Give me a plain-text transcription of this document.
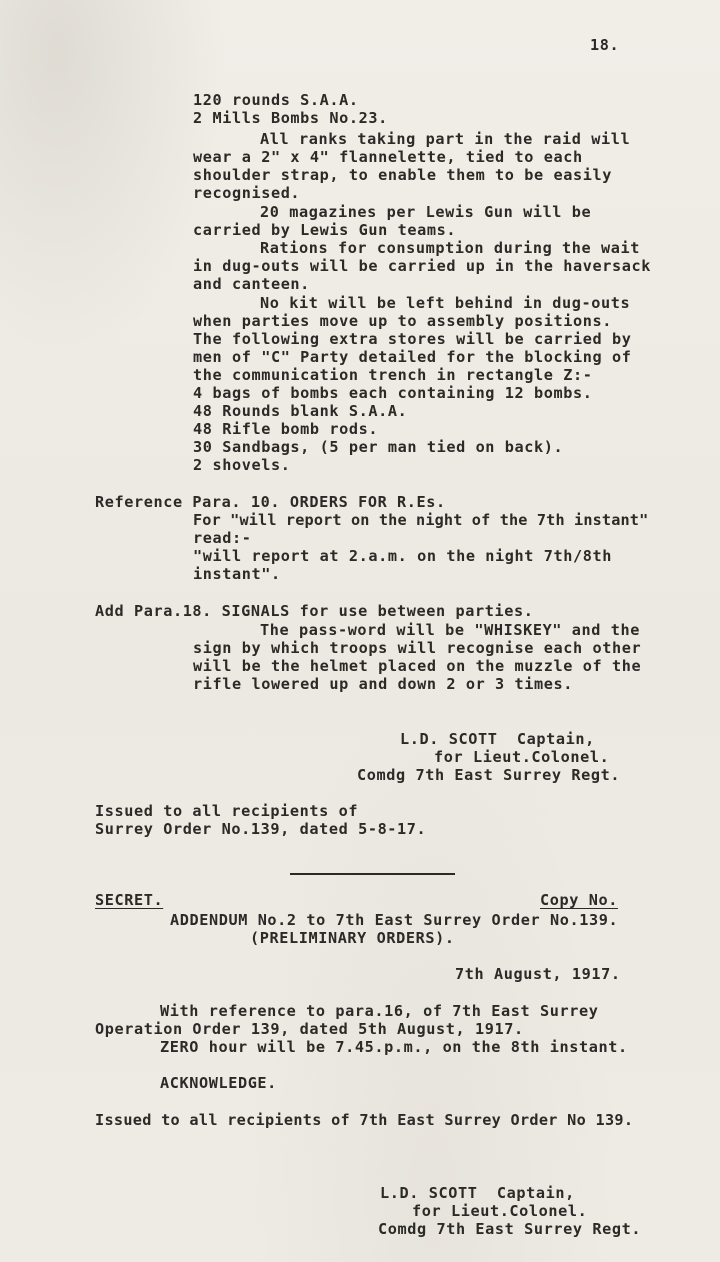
18.
120 rounds S.A.A.
2 Mills Bombs No.23.
All ranks taking part in the raid will
wear a 2" x 4" flannelette, tied to each
shoulder strap, to enable them to be easily
recognised.
20 magazines per Lewis Gun will be
carried by Lewis Gun teams.
Rations for consumption during the wait
in dug-outs will be carried up in the haversack
and canteen.
No kit will be left behind in dug-outs
when parties move up to assembly positions.
The following extra stores will be carried by
men of "C" Party detailed for the blocking of
the communication trench in rectangle Z:-
4 bags of bombs each containing 12 bombs.
48 Rounds blank S.A.A.
48 Rifle bomb rods.
30 Sandbags, (5 per man tied on back).
2 shovels.
Reference Para. 10. ORDERS FOR R.Es.
For "will report on the night of the 7th instant"
read:-
"will report at 2.a.m. on the night 7th/8th
instant".
Add Para.18. SIGNALS for use between parties.
The pass-word will be "WHISKEY" and the
sign by which troops will recognise each other
will be the helmet placed on the muzzle of the
rifle lowered up and down 2 or 3 times.
L.D. SCOTT  Captain,
for Lieut.Colonel.
Comdg 7th East Surrey Regt.
Issued to all recipients of
Surrey Order No.139, dated 5-8-17.
SECRET.	Copy No.
ADDENDUM No.2 to 7th East Surrey Order No.139.
(PRELIMINARY ORDERS).
7th August, 1917.
With reference to para.16, of 7th East Surrey
Operation Order 139, dated 5th August, 1917.
ZERO hour will be 7.45.p.m., on the 8th instant.
ACKNOWLEDGE.
Issued to all recipients of 7th East Surrey Order No 139.
L.D. SCOTT  Captain,
for Lieut.Colonel.
Comdg 7th East Surrey Regt.
